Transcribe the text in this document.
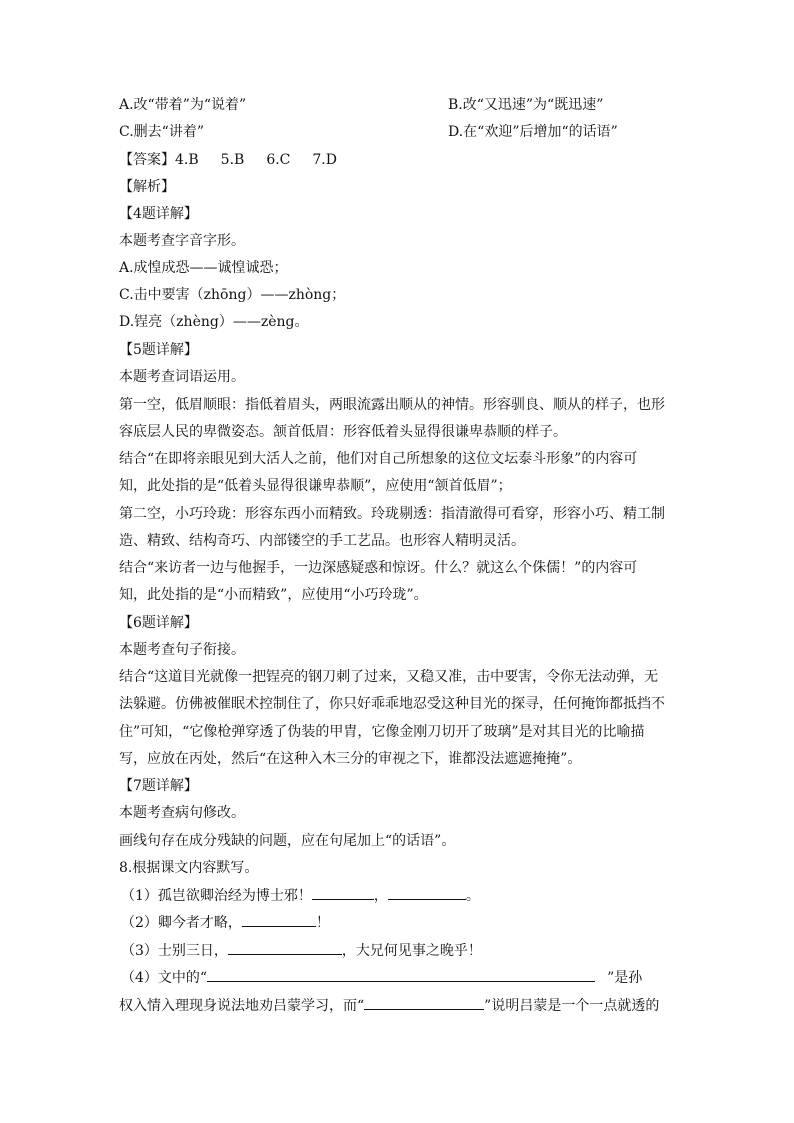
A.改“带着”为“说着”	B.改“又迅速”为“既迅速”
C.删去“讲着”	D.在“欢迎”后增加“的话语”
【答案】4.B 5.B 6.C 7.D
【解析】
【4题详解】
本题考查字音字形。
A.成惶成恐——诚惶诚恐；
C.击中要害（zhōng）——zhòng；
D.锃亮（zhèng）——zèng。
【5题详解】
本题考查词语运用。
第一空，低眉顺眼：指低着眉头，两眼流露出顺从的神情。形容驯良、顺从的样子，也形
容底层人民的卑微姿态。颔首低眉：形容低着头显得很谦卑恭顺的样子。
结合“在即将亲眼见到大活人之前，他们对自己所想象的这位文坛泰斗形象”的内容可
知，此处指的是“低着头显得很谦卑恭顺”，应使用“颔首低眉”；
第二空，小巧玲珑：形容东西小而精致。玲珑剔透：指清澈得可看穿，形容小巧、精工制
造、精致、结构奇巧、内部镂空的手工艺品。也形容人精明灵活。
结合“来访者一边与他握手，一边深感疑惑和惊讶。什么？就这么个侏儒！”的内容可
知，此处指的是“小而精致”，应使用“小巧玲珑”。
【6题详解】
本题考查句子衔接。
结合“这道目光就像一把锃亮的钢刀刺了过来，又稳又准，击中要害，令你无法动弹，无
法躲避。仿佛被催眠术控制住了，你只好乖乖地忍受这种目光的探寻，任何掩饰都抵挡不
住”可知，“它像枪弹穿透了伪装的甲胄，它像金刚刀切开了玻璃”是对其目光的比喻描
写，应放在丙处，然后“在这种入木三分的审视之下，谁都没法遮遮掩掩”。
【7题详解】
本题考查病句修改。
画线句存在成分残缺的问题，应在句尾加上“的话语”。
8.根据课文内容默写。
（1）孤岂欲卿治经为博士邪！	，	。
（2）卿今者才略，	！
（3）士别三日，	，大兄何见事之晚乎！
（4）文中的“	”是孙
权入情入理现身说法地劝吕蒙学习，而“	”说明吕蒙是一个一点就透的
